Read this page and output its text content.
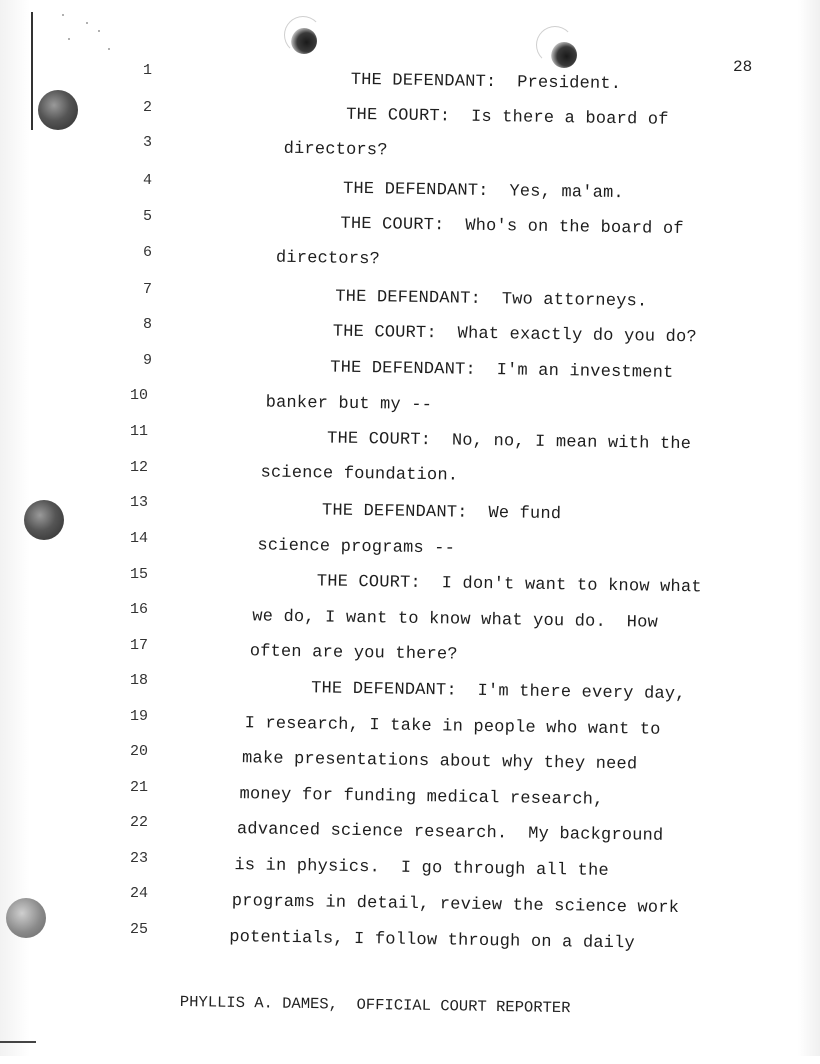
28
1
2
3
4
5
6
7
8
9
10
11
12
13
14
15
16
17
18
19
20
21
22
23
24
25
THE DEFENDANT:  President.
THE COURT:  Is there a board of
directors?
THE DEFENDANT:  Yes, ma'am.
THE COURT:  Who's on the board of
directors?
THE DEFENDANT:  Two attorneys.
THE COURT:  What exactly do you do?
THE DEFENDANT:  I'm an investment
banker but my --
THE COURT:  No, no, I mean with the
science foundation.
THE DEFENDANT:  We fund
science programs --
THE COURT:  I don't want to know what
we do, I want to know what you do.  How
often are you there?
THE DEFENDANT:  I'm there every day,
I research, I take in people who want to
make presentations about why they need
money for funding medical research,
advanced science research.  My background
is in physics.  I go through all the
programs in detail, review the science work
potentials, I follow through on a daily
PHYLLIS A. DAMES,  OFFICIAL COURT REPORTER
